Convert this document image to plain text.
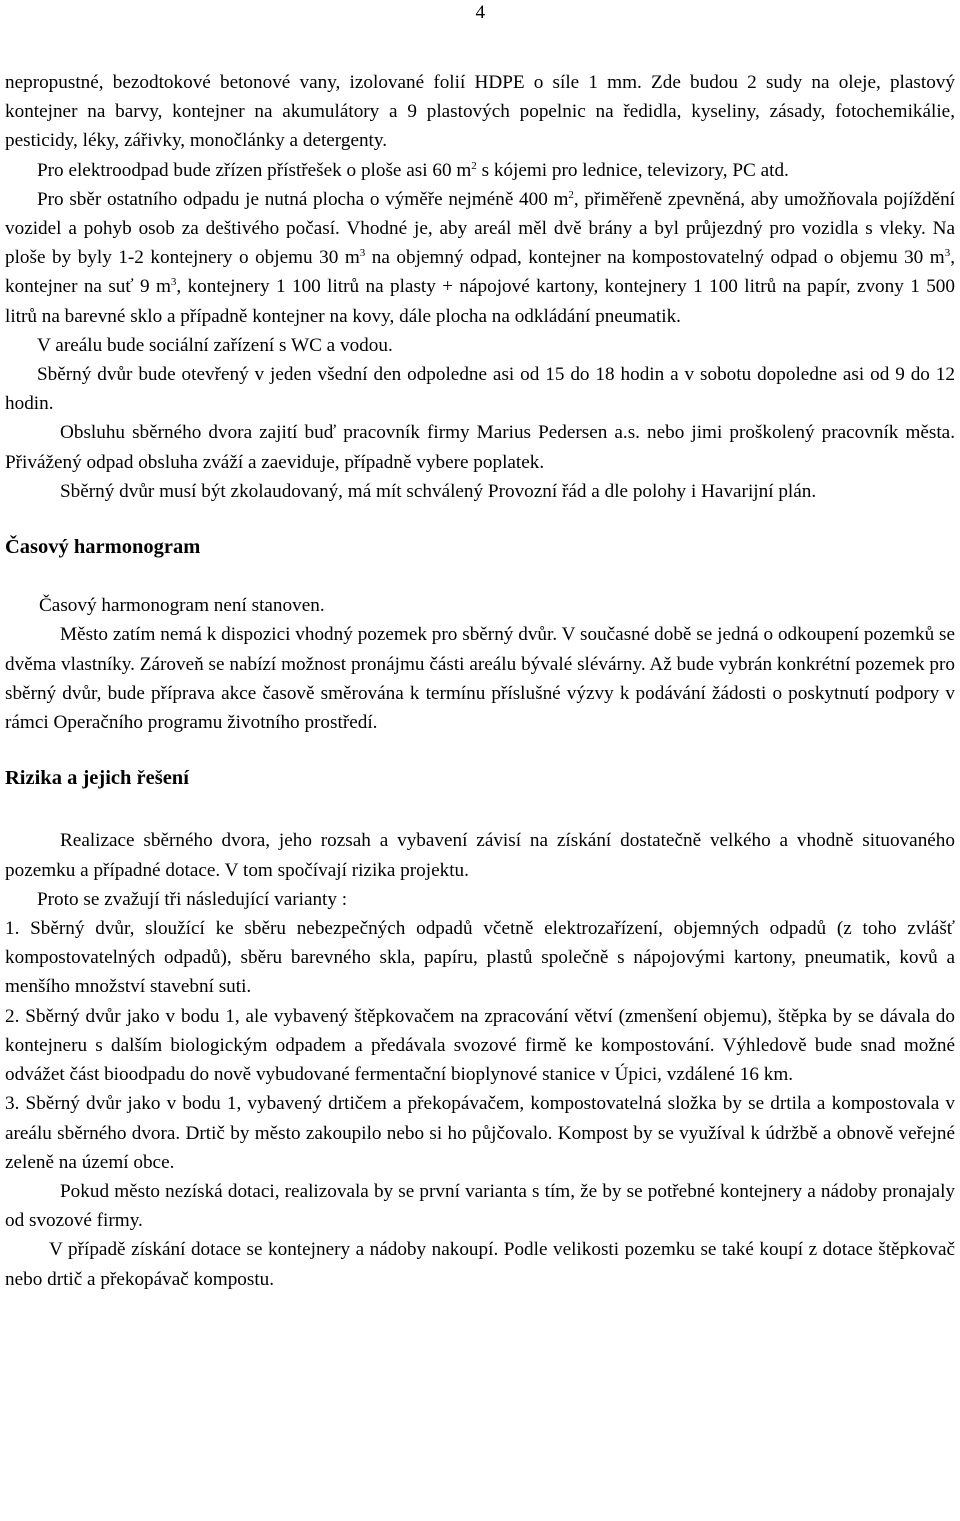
4

nepropustné, bezodtokové betonové vany, izolované folií HDPE o síle 1 mm. Zde budou 2 sudy na oleje, plastový kontejner na barvy, kontejner na akumulátory a 9 plastových popelnic na ředidla, kyseliny, zásady, fotochemikálie, pesticidy, léky, zářivky, monočlánky a detergenty.

Pro elektroodpad bude zřízen přístřešek o ploše asi 60 $m^2$ s kójemi pro lednice, televizory, PC atd.

Pro sběr ostatního odpadu je nutná plocha o výměře nejméně 400 $m^2$, přiměřeně zpevněná, aby umožňovala pojíždění vozidel a pohyb osob za deštivého počasí. Vhodné je, aby areál měl dvě brány a byl průjezdný pro vozidla s vleky. Na ploše by byly 1-2 kontejnery o objemu 30 $m^3$ na objemný odpad, kontejner na kompostovatelný odpad o objemu 30 $m^3$, kontejner na suť 9 $m^3$, kontejnery 1 100 litrů na plasty + nápojové kartony, kontejnery 1 100 litrů na papír, zvony 1 500 litrů na barevné sklo a případně kontejner na kovy, dále plocha na odkládání pneumatik.

V areálu bude sociální zařízení s WC a vodou.

Sběrný dvůr bude otevřený v jeden všední den odpoledne asi od 15 do 18 hodin a v sobotu dopoledne asi od 9 do 12 hodin.

Obsluhu sběrného dvora zajití buď pracovník firmy Marius Pedersen a.s. nebo jimi proškolený pracovník města. Přivážený odpad obsluha zváží a zaeviduje, případně vybere poplatek.

Sběrný dvůr musí být zkolaudovaný, má mít schválený Provozní řád a dle polohy i Havarijní plán.

Časový harmonogram

Časový harmonogram není stanoven.

Město zatím nemá k dispozici vhodný pozemek pro sběrný dvůr. V současné době se jedná o odkoupení pozemků se dvěma vlastníky. Zároveň se nabízí možnost pronájmu části areálu bývalé slévárny. Až bude vybrán konkrétní pozemek pro sběrný dvůr, bude příprava akce časově směrována k termínu příslušné výzvy k podávání žádosti o poskytnutí podpory v rámci Operačního programu životního prostředí.

Rizika a jejich řešení

Realizace sběrného dvora, jeho rozsah a vybavení závisí na získání dostatečně velkého a vhodně situovaného pozemku a případné dotace. V tom spočívají rizika projektu.

Proto se zvažují tři následující varianty :

1. Sběrný dvůr, sloužící ke sběru nebezpečných odpadů včetně elektrozařízení, objemných odpadů (z toho zvlášť kompostovatelných odpadů), sběru barevného skla, papíru, plastů společně s nápojovými kartony, pneumatik, kovů a menšího množství stavební suti.

2. Sběrný dvůr jako v bodu 1, ale vybavený štěpkovačem na zpracování větví (zmenšení objemu), štěpka by se dávala do kontejneru s dalším biologickým odpadem a předávala svozové firmě ke kompostování. Výhledově bude snad možné odvážet část bioodpadu do nově vybudované fermentační bioplynové stanice v Úpici, vzdálené 16 km.

3. Sběrný dvůr jako v bodu 1, vybavený drtičem a překopávačem, kompostovatelná složka by se drtila a kompostovala v areálu sběrného dvora. Drtič by město zakoupilo nebo si ho půjčovalo. Kompost by se využíval k údržbě a obnově veřejné zeleně na území obce.

Pokud město nezíská dotaci, realizovala by se první varianta s tím, že by se potřebné kontejnery a nádoby pronajaly od svozové firmy.

V případě získání dotace se kontejnery a nádoby nakoupí. Podle velikosti pozemku se také koupí z dotace štěpkovač nebo drtič a překopávač kompostu.
